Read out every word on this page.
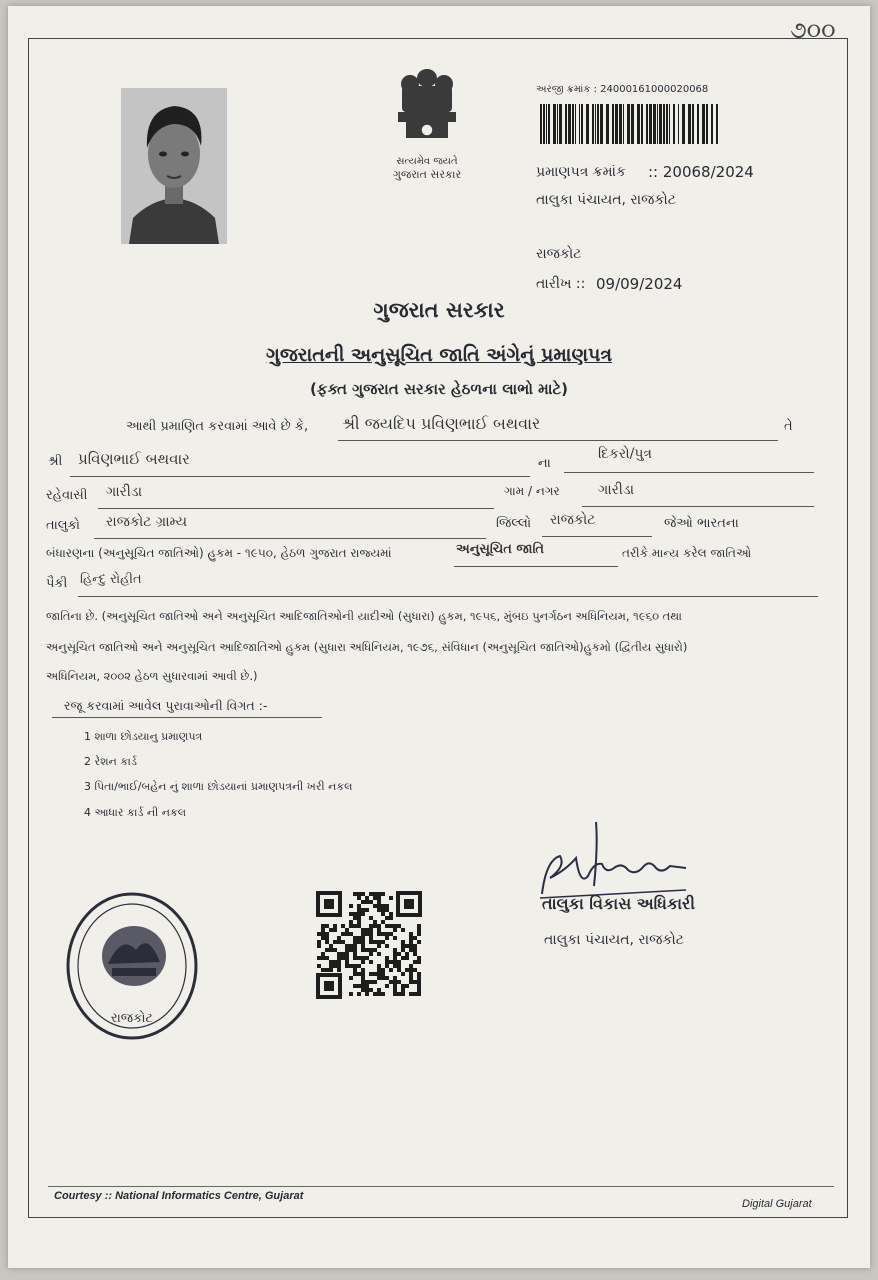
૭૦૦
સત્યમેવ જયતે
ગુજરાત સરકાર
અરજી ક્રમાંક : 24000161000020068
પ્રમાણપત્ર ક્રમાંક :: 20068/2024
તાલુકા પંચાયત, રાજકોટ
રાજકોટ
તારીખ :: 09/09/2024
ગુજરાત સરકાર
ગુજરાતની અનુસૂચિત જાતિ અંગેનું પ્રમાણપત્ર
(ફક્ત ગુજરાત સરકાર હેઠળના લાભો માટે)
આથી પ્રમાણિત કરવામાં આવે છે કે, શ્રી જયદિપ પ્રવિણભાઈ બથવાર	તે
શ્રી પ્રવિણભાઈ બથવાર	ના
દિકરો/પુત્ર
રહેવાસી ગારીડા	ગામ / નગર	ગારીડા
તાલુકો રાજકોટ ગ્રામ્ય	જિલ્લો રાજકોટ	જેઓ ભારતના
બંધારણના (અનુસૂચિત જાતિઓ) હુકમ - ૧૯૫૦, હેઠળ ગુજરાત રાજ્યમાં	અનુસૂચિત જાતિ	તરીકે માન્ય કરેલ જાતિઓ
પૈકી હિન્દુ રોહીત
જાતિના છે. (અનુસૂચિત જાતિઓ અને અનુસૂચિત આદિજાતિઓની યાદીઓ (સુધારા) હુકમ, ૧૯૫૬, મુંબઇ પુનર્ગઠન અધિનિયમ, ૧૯૬૦ તથા
અનુસૂચિત જાતિઓ અને અનુસૂચિત આદિજાતિઓ હુકમ (સુધારા અધિનિયમ, ૧૯૭૬, સંવિધાન (અનુસૂચિત જાતિઓ)હુકમો (દ્વિતીય સુધારો)
અધિનિયમ, ૨૦૦૨ હેઠળ સુધારવામાં આવી છે.)
રજૂ કરવામાં આવેલ પુરાવાઓની વિગત :-
1 શાળા છોડયાનુ પ્રમાણપત્ર
2 રેશન કાર્ડ
3 પિતા/ભાઈ/બહેન નું શાળા છોડયાનાં પ્રમાણપત્રની ખરી નકલ
4 આધાર કાર્ડ ની નકલ
રાજકોટ
તાલુકા વિકાસ અધિકારી
તાલુકા પંચાયત, રાજકોટ
Courtesy :: National Informatics Centre, Gujarat
Digital Gujarat
